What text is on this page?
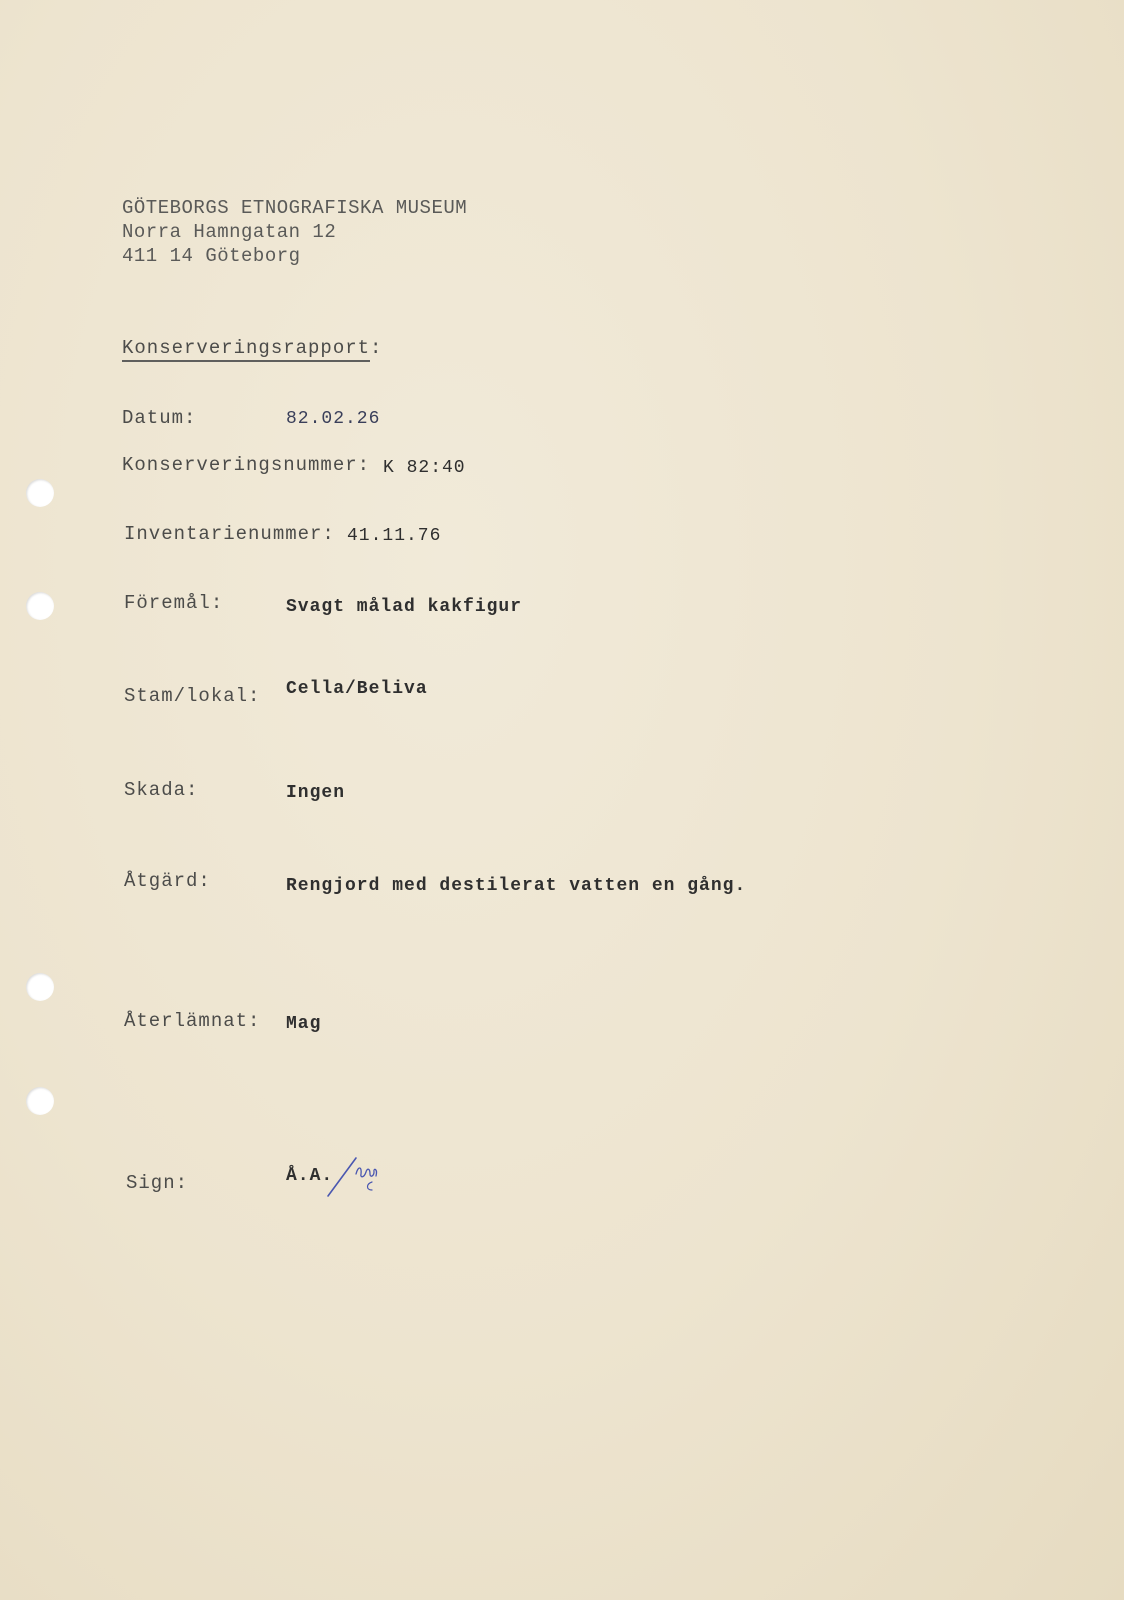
GÖTEBORGS ETNOGRAFISKA MUSEUM
Norra Hamngatan 12
411 14 Göteborg
Konserveringsrapport:
Datum:	82.02.26
Konserveringsnummer: K 82:40
Inventarienummer: 41.11.76
Föremål:	Svagt målad kakfigur
Stam/lokal: Cella/Beliva
Skada:	Ingen
Åtgärd:	Rengjord med destilerat vatten en gång.
Återlämnat: Mag
Sign:	Å.A.
